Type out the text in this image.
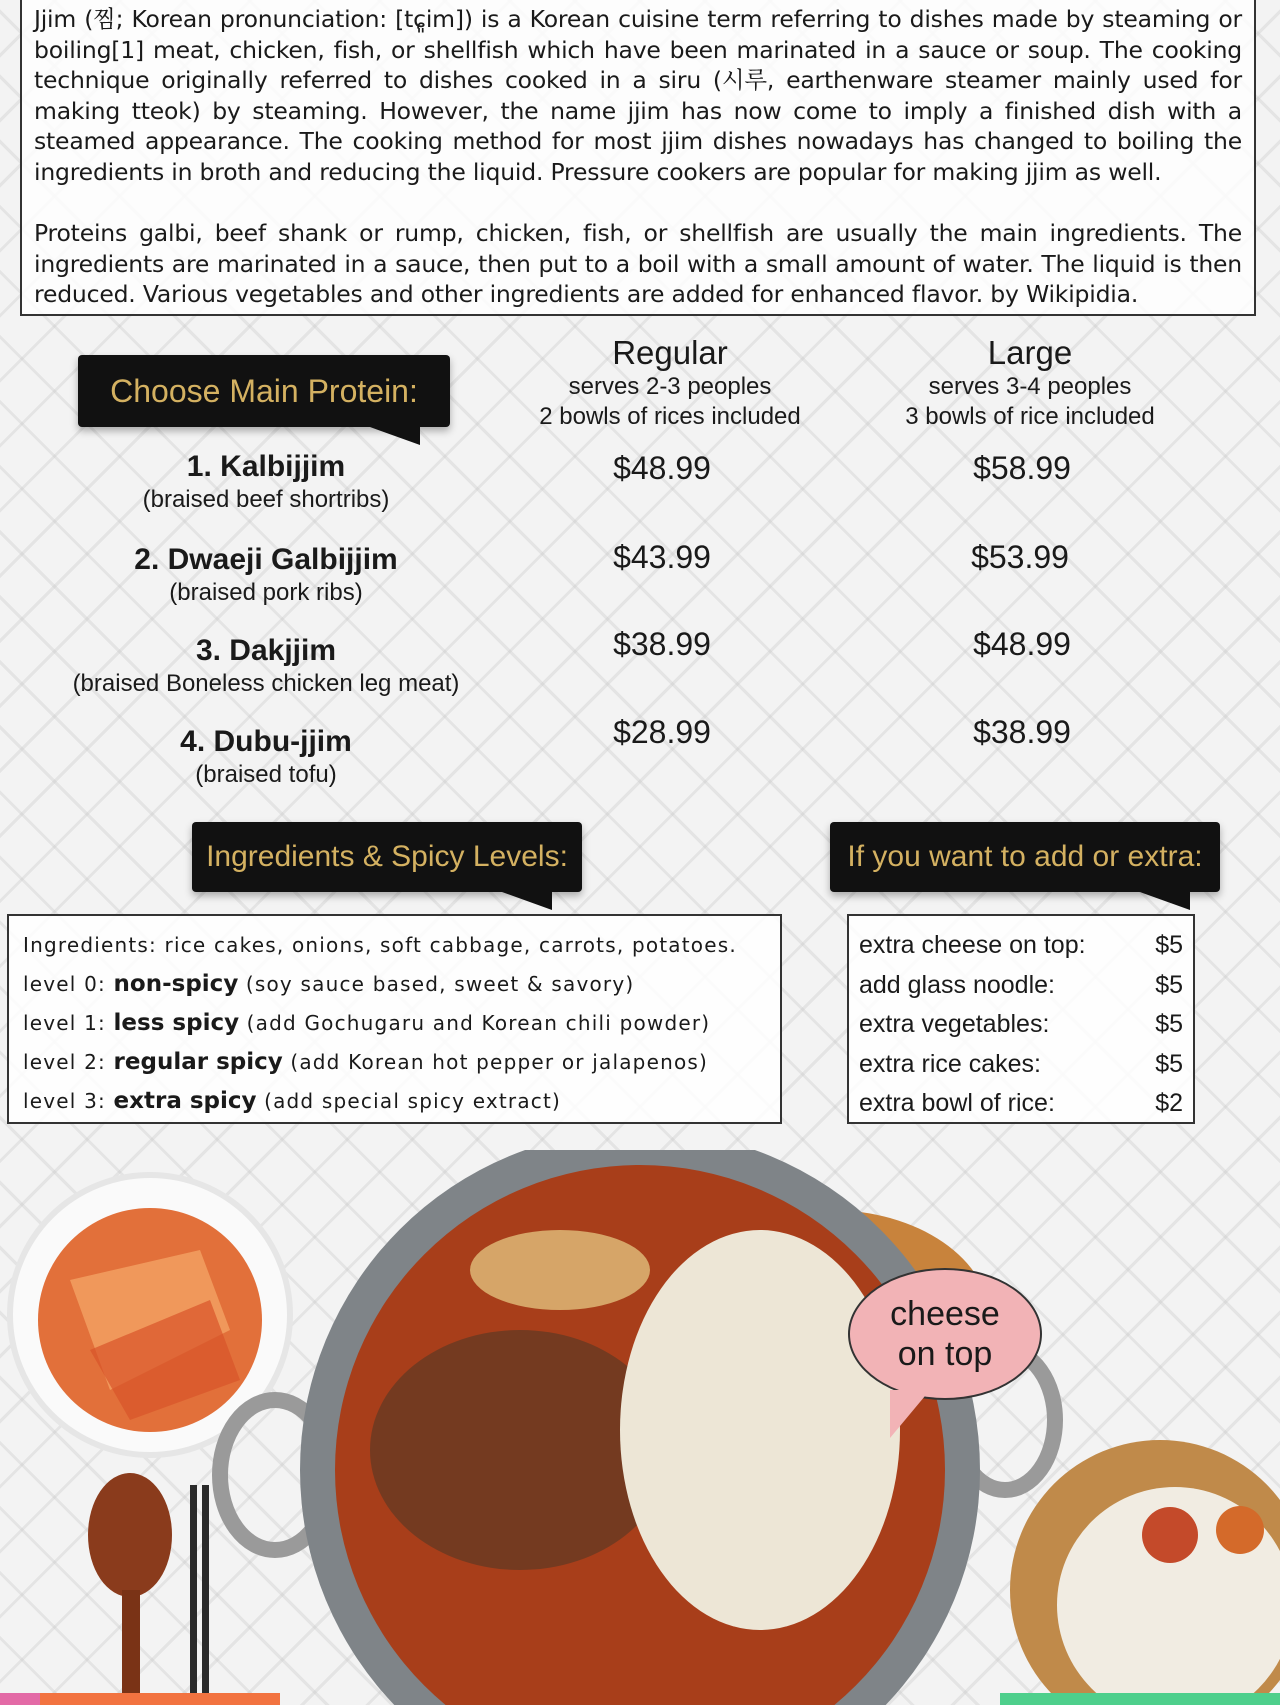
Jjim (찜; Korean pronunciation: [tɕ͈im]) is a Korean cuisine term referring to dishes made by steaming or boiling[1] meat, chicken, fish, or shellfish which have been marinated in a sauce or soup. The cooking technique originally referred to dishes cooked in a siru (시루, earthenware steamer mainly used for making tteok) by steaming. However, the name jjim has now come to imply a finished dish with a steamed appearance. The cooking method for most jjim dishes nowadays has changed to boiling the ingredients in broth and reducing the liquid. Pressure cookers are popular for making jjim as well.

Proteins galbi, beef shank or rump, chicken, fish, or shellfish are usually the main ingredients. The ingredients are marinated in a sauce, then put to a boil with a small amount of water. The liquid is then reduced. Various vegetables and other ingredients are added for enhanced flavor. by Wikipidia.

Choose Main Protein:
Regular
serves 2-3 peoples
2 bowls of rices included
Large
serves 3-4 peoples
3 bowls of rice included
1. Kalbijjim
(braised beef shortribs)
$48.99	$58.99
2. Dwaeji Galbijjim
(braised pork ribs)
$43.99	$53.99
3. Dakjjim
(braised Boneless chicken leg meat)
$38.99	$48.99
4. Dubu-jjim
(braised tofu)
$28.99	$38.99
Ingredients & Spicy Levels:	If you want to add or extra:
Ingredients: rice cakes, onions, soft cabbage, carrots, potatoes.
level 0: non-spicy (soy sauce based, sweet & savory)
level 1: less spicy (add Gochugaru and Korean chili powder)
level 2: regular spicy (add Korean hot pepper or jalapenos)
level 3: extra spicy (add special spicy extract)
extra cheese on top:	$5
add glass noodle:	$5
extra vegetables:	$5
extra rice cakes:	$5
extra bowl of rice:	$2
cheese
on top
